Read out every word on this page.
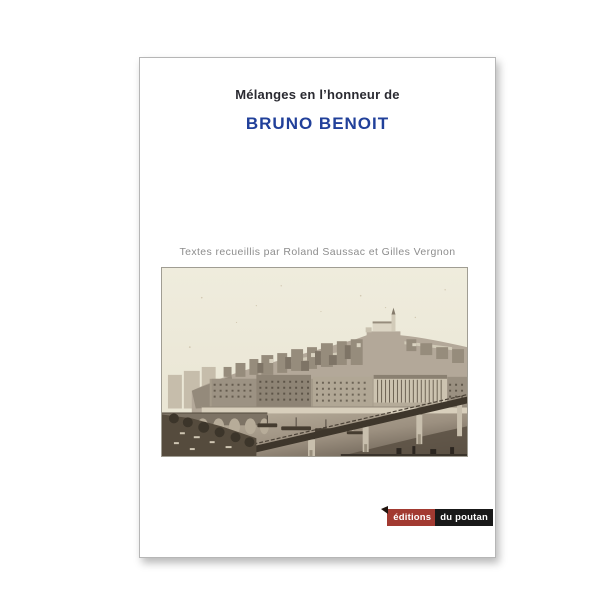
Mélanges en l’honneur de
BRUNO BENOIT
Textes recueillis par Roland Saussac et Gilles Vergnon
éditions du poutan
